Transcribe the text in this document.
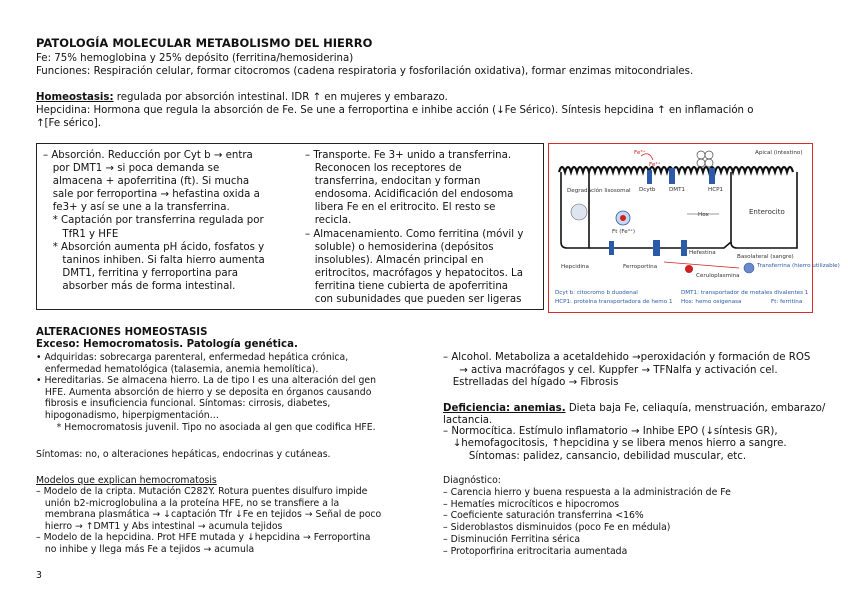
PATOLOGÍA MOLECULAR METABOLISMO DEL HIERRO
Fe: 75% hemoglobina y 25% depósito (ferritina/hemosiderina)
Funciones: Respiración celular, formar citocromos (cadena respiratoria y fosforilación oxidativa), formar enzimas mitocondriales.
Homeostasis: regulada por absorción intestinal. IDR ↑ en mujeres y embarazo.
Hepcidina: Hormona que regula la absorción de Fe. Se une a ferroportina e inhibe acción (↓Fe Sérico). Síntesis hepcidina ↑ en inflamación o
↑[Fe sérico].
– Absorción. Reducción por Cyt b → entra
por DMT1 → si poca demanda se
almacena + apoferritina (ft). Si mucha
sale por ferroportina → hefastina oxida a
fe3+ y así se une a la transferrina.
* Captación por transferrina regulada por
TfR1 y HFE
* Absorción aumenta pH ácido, fosfatos y
taninos inhiben. Si falta hierro aumenta
DMT1, ferritina y ferroportina para
absorber más de forma intestinal.
– Transporte. Fe 3+ unido a transferrina.
Reconocen los receptores de
transferrina, endocitan y forman
endosoma. Acidificación del endosoma
libera Fe en el eritrocito. El resto se
recicla.
– Almacenamiento. Como ferritina (móvil y
soluble) o hemosiderina (depósitos
insolubles). Almacén principal en
eritrocitos, macrófagos y hepatocitos. La
ferritina tiene cubierta de apoferritina
con subunidades que pueden ser ligeras
Apical (intestino)
Fe³⁺
Fe²⁺
Dcytb DMT1	HCP1
Degradación lisosomal
Ft (Fe³⁺)
Hox	Enterocito
Hefestina
Basolateral (sangre)
Hepcidina	Ferroportina
Ceruloplasmina
Transferrina (hierro utilizable)
Dcyt b: citocromo b duodenal
HCP1: proteína transportadora de hemo 1
DMT1: transportador de metales divalentes 1
Hox: hemo oxigenasa	Ft: ferritina
ALTERACIONES HOMEOSTASIS
Exceso: Hemocromatosis. Patología genética.
• Adquiridas: sobrecarga parenteral, enfermedad hepática crónica,
enfermedad hematológica (talasemia, anemia hemolítica).
• Hereditarias. Se almacena hierro. La de tipo I es una alteración del gen
HFE. Aumenta absorción de hierro y se deposita en órganos causando
fibrosis e insuficiencia funcional. Síntomas: cirrosis, diabetes,
hipogonadismo, hiperpigmentación…
* Hemocromatosis juvenil. Tipo no asociada al gen que codifica HFE.
Síntomas: no, o alteraciones hepáticas, endocrinas y cutáneas.
Modelos que explican hemocromatosis
– Modelo de la cripta. Mutación C282Y. Rotura puentes disulfuro impide
unión b2-microglobulina a la proteína HFE, no se transfiere a la
membrana plasmática → ↓captación Tfr ↓Fe en tejidos → Señal de poco
hierro → ↑DMT1 y Abs intestinal → acumula tejidos
– Modelo de la hepcidina. Prot HFE mutada y ↓hepcidina → Ferroportina
no inhibe y llega más Fe a tejidos → acumula
3
– Alcohol. Metaboliza a acetaldehido →peroxidación y formación de ROS
→ activa macrófagos y cel. Kuppfer → TFNalfa y activación cel.
Estrelladas del hígado → Fibrosis
Deficiencia: anemias. Dieta baja Fe, celiaquía, menstruación, embarazo/
lactancia.
– Normocítica. Estímulo inflamatorio → Inhibe EPO (↓síntesis GR),
↓hemofagocitosis, ↑hepcidina y se libera menos hierro a sangre.
Síntomas: palidez, cansancio, debilidad muscular, etc.
Diagnóstico:
– Carencia hierro y buena respuesta a la administración de Fe
– Hematíes microcíticos e hipocromos
– Coeficiente saturación transferrina <16%
– Sideroblastos disminuidos (poco Fe en médula)
– Disminución Ferritina sérica
– Protoporfirina eritrocitaria aumentada
